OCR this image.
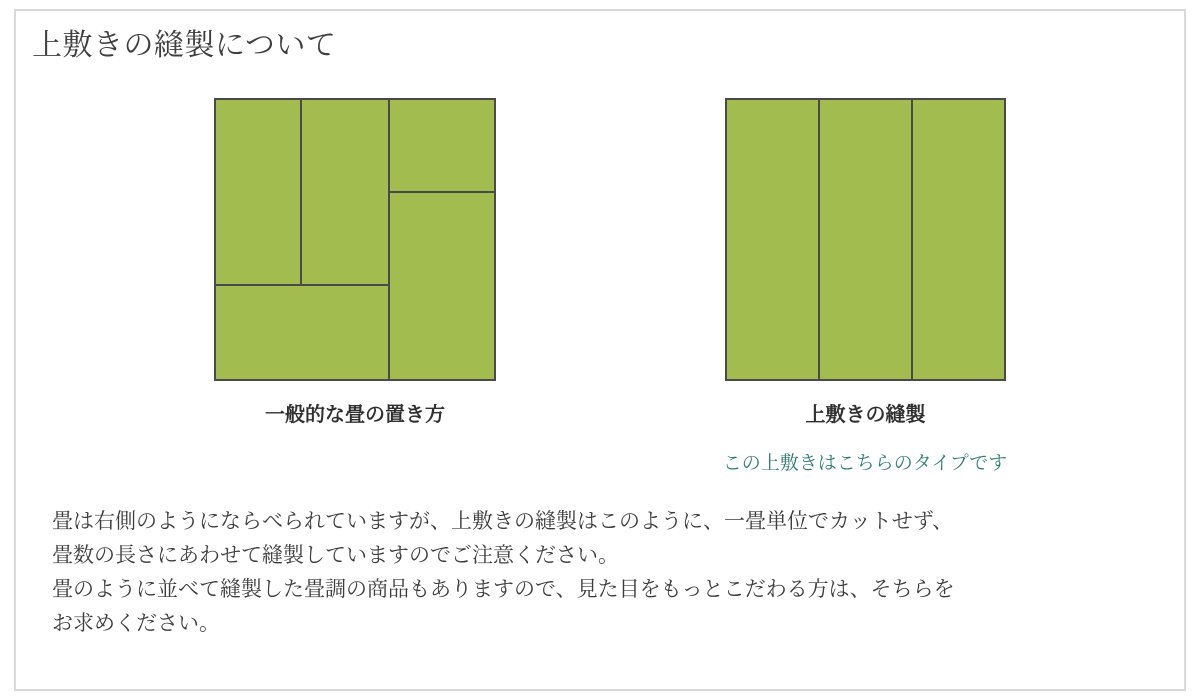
上敷きの縫製について
一般的な畳の置き方	上敷きの縫製
この上敷きはこちらのタイプです

畳は右側のようにならべられていますが、上敷きの縫製はこのように、一畳単位でカットせず、

畳数の長さにあわせて縫製していますのでご注意ください。

畳のように並べて縫製した畳調の商品もありますので、見た目をもっとこだわる方は、そちらを

お求めください。
